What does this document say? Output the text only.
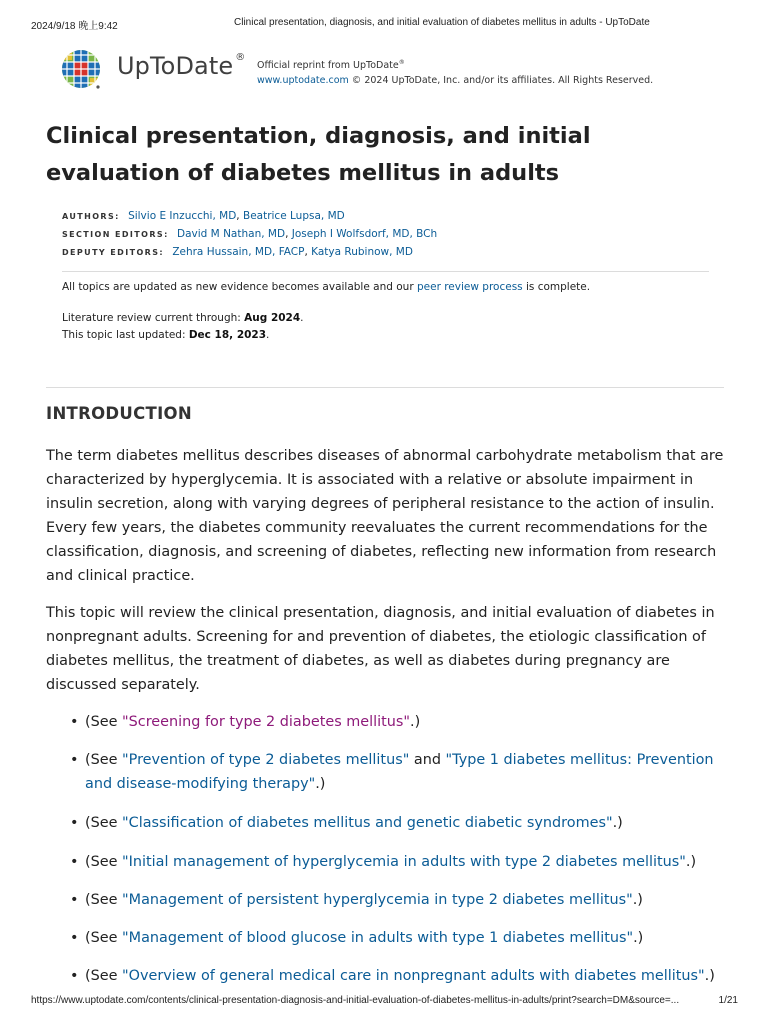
2024/9/18 晚上9:42	Clinical presentation, diagnosis, and initial evaluation of diabetes mellitus in adults - UpToDate
UpToDate ®
Official reprint from UpToDate®
www.uptodate.com © 2024 UpToDate, Inc. and/or its affiliates. All Rights Reserved.
Clinical presentation, diagnosis, and initial evaluation of diabetes mellitus in adults
AUTHORS: Silvio E Inzucchi, MD, Beatrice Lupsa, MD
SECTION EDITORS: David M Nathan, MD, Joseph I Wolfsdorf, MD, BCh
DEPUTY EDITORS: Zehra Hussain, MD, FACP, Katya Rubinow, MD
All topics are updated as new evidence becomes available and our peer review process is complete.
Literature review current through: Aug 2024.
This topic last updated: Dec 18, 2023.
INTRODUCTION

The term diabetes mellitus describes diseases of abnormal carbohydrate metabolism that are characterized by hyperglycemia. It is associated with a relative or absolute impairment in insulin secretion, along with varying degrees of peripheral resistance to the action of insulin. Every few years, the diabetes community reevaluates the current recommendations for the classification, diagnosis, and screening of diabetes, reflecting new information from research and clinical practice.

This topic will review the clinical presentation, diagnosis, and initial evaluation of diabetes in nonpregnant adults. Screening for and prevention of diabetes, the etiologic classification of diabetes mellitus, the treatment of diabetes, as well as diabetes during pregnancy are discussed separately.

• (See "Screening for type 2 diabetes mellitus".)
• (See "Prevention of type 2 diabetes mellitus" and "Type 1 diabetes mellitus: Prevention and disease-modifying therapy".)
• (See "Classification of diabetes mellitus and genetic diabetic syndromes".)
• (See "Initial management of hyperglycemia in adults with type 2 diabetes mellitus".)
• (See "Management of persistent hyperglycemia in type 2 diabetes mellitus".)
• (See "Management of blood glucose in adults with type 1 diabetes mellitus".)
• (See "Overview of general medical care in nonpregnant adults with diabetes mellitus".)
https://www.uptodate.com/contents/clinical-presentation-diagnosis-and-initial-evaluation-of-diabetes-mellitus-in-adults/print?search=DM&source=...	1/21
